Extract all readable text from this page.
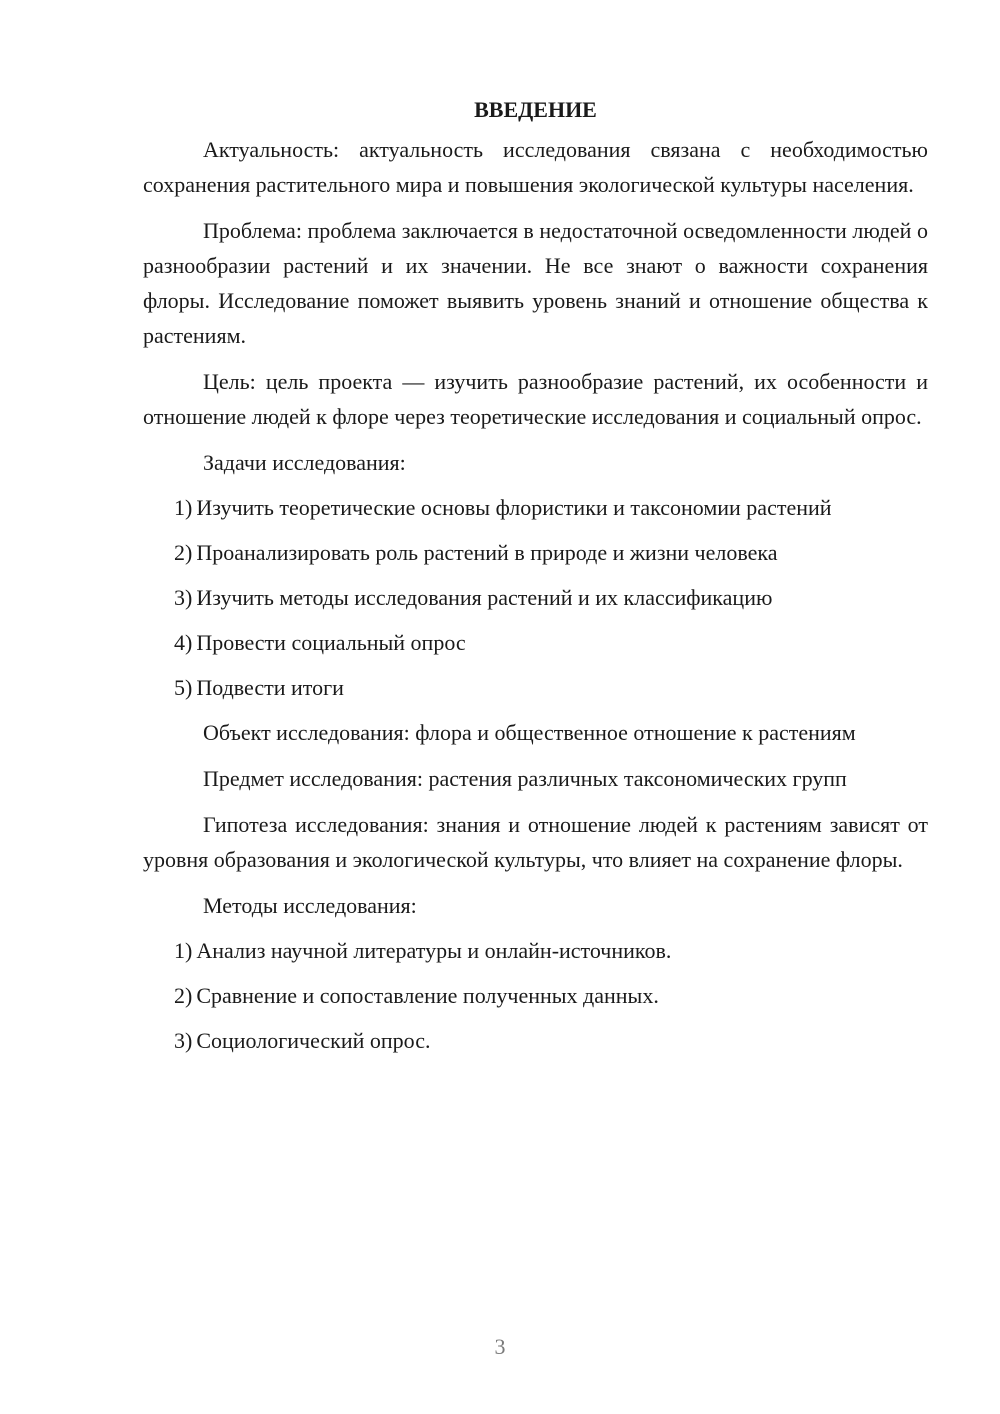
ВВЕДЕНИЕ

Актуальность: актуальность исследования связана с необходимостью сохранения растительного мира и повышения экологической культуры населения.

Проблема: проблема заключается в недостаточной осведомленности людей о разнообразии растений и их значении. Не все знают о важности сохранения флоры. Исследование поможет выявить уровень знаний и отношение общества к растениям.

Цель: цель проекта — изучить разнообразие растений, их особенности и отношение людей к флоре через теоретические исследования и социальный опрос.

Задачи исследования:

1) Изучить теоретические основы флористики и таксономии растений
2) Проанализировать роль растений в природе и жизни человека
3) Изучить методы исследования растений и их классификацию
4) Провести социальный опрос
5) Подвести итоги

Объект исследования: флора и общественное отношение к растениям

Предмет исследования: растения различных таксономических групп

Гипотеза исследования: знания и отношение людей к растениям зависят от уровня образования и экологической культуры, что влияет на сохранение флоры.

Методы исследования:

1) Анализ научной литературы и онлайн-источников.
2) Сравнение и сопоставление полученных данных.
3) Социологический опрос.
3
